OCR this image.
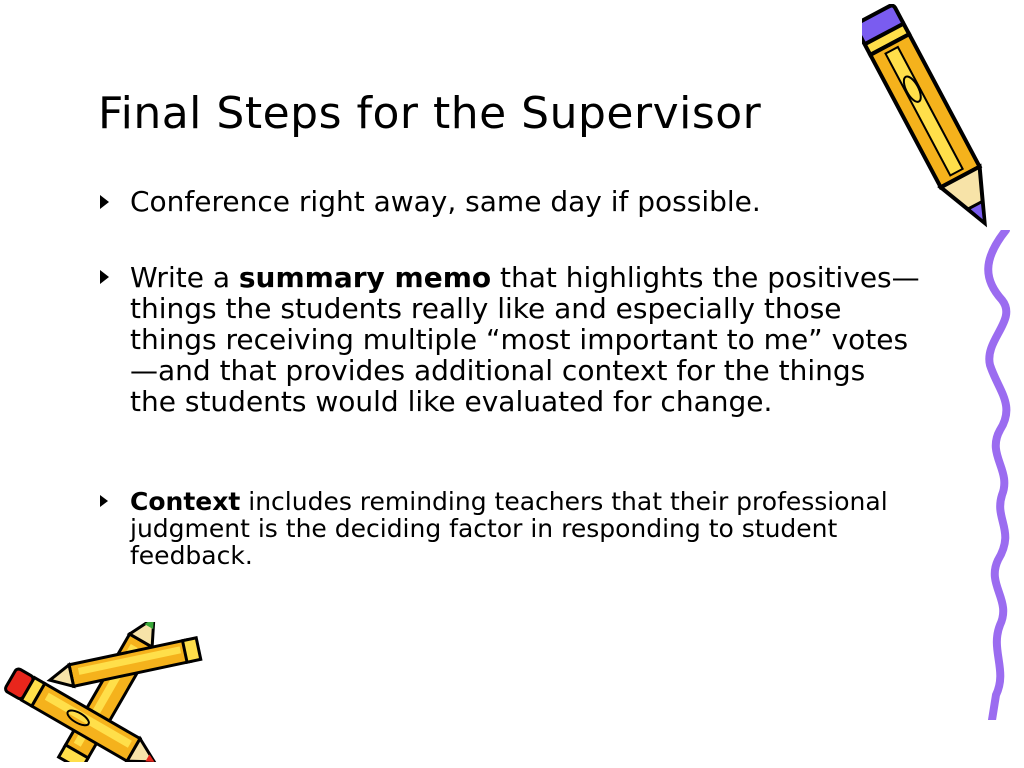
Final Steps for the Supervisor
Conference right away, same day if possible.
Write a summary memo that highlights the positives—things the students really like and especially those things receiving multiple “most important to me” votes—and that provides additional context for the things the students would like evaluated for change.
Context includes reminding teachers that their professional judgment is the deciding factor in responding to student feedback.
